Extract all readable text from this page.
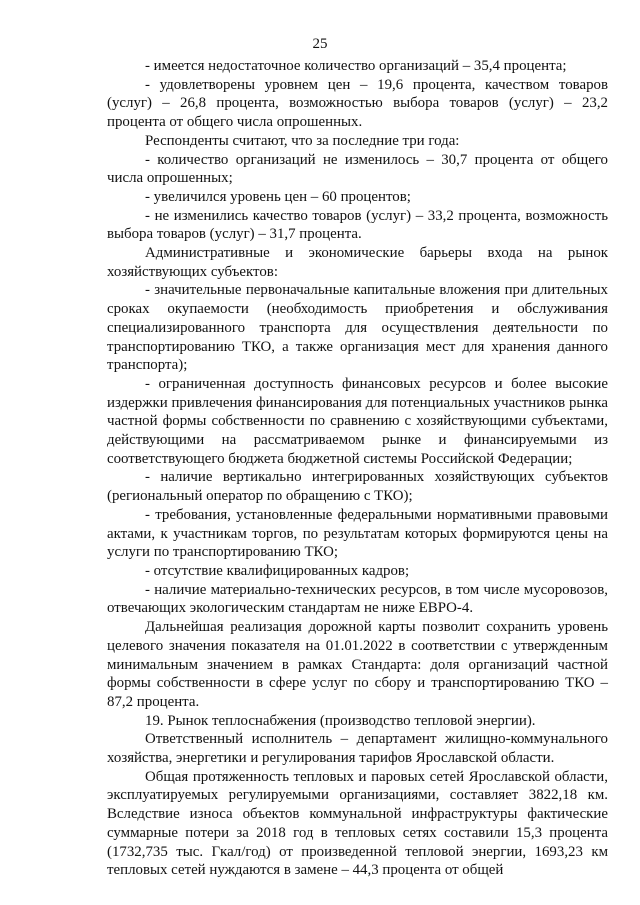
25

- имеется недостаточное количество организаций – 35,4 процента;

- удовлетворены уровнем цен – 19,6 процента, качеством товаров (услуг) – 26,8 процента, возможностью выбора товаров (услуг) – 23,2 процента от общего числа опрошенных.

Респонденты считают, что за последние три года:

- количество организаций не изменилось – 30,7 процента от общего числа опрошенных;

- увеличился уровень цен – 60 процентов;

- не изменились качество товаров (услуг) – 33,2 процента, возможность выбора товаров (услуг) – 31,7 процента.

Административные и экономические барьеры входа на рынок хозяйствующих субъектов:

- значительные первоначальные капитальные вложения при длительных сроках окупаемости (необходимость приобретения и обслуживания специализированного транспорта для осуществления деятельности по транспортированию ТКО, а также организация мест для хранения данного транспорта);

- ограниченная доступность финансовых ресурсов и более высокие издержки привлечения финансирования для потенциальных участников рынка частной формы собственности по сравнению с хозяйствующими субъектами, действующими на рассматриваемом рынке и финансируемыми из соответствующего бюджета бюджетной системы Российской Федерации;

- наличие вертикально интегрированных хозяйствующих субъектов (региональный оператор по обращению с ТКО);

- требования, установленные федеральными нормативными правовыми актами, к участникам торгов, по результатам которых формируются цены на услуги по транспортированию ТКО;

- отсутствие квалифицированных кадров;

- наличие материально-технических ресурсов, в том числе мусоровозов, отвечающих экологическим стандартам не ниже ЕВРО-4.

Дальнейшая реализация дорожной карты позволит сохранить уровень целевого значения показателя на 01.01.2022 в соответствии с утвержденным минимальным значением в рамках Стандарта: доля организаций частной формы собственности в сфере услуг по сбору и транспортированию ТКО – 87,2 процента.

19. Рынок теплоснабжения (производство тепловой энергии).

Ответственный исполнитель – департамент жилищно-коммунального хозяйства, энергетики и регулирования тарифов Ярославской области.

Общая протяженность тепловых и паровых сетей Ярославской области, эксплуатируемых регулируемыми организациями, составляет 3822,18 км. Вследствие износа объектов коммунальной инфраструктуры фактические суммарные потери за 2018 год в тепловых сетях составили 15,3 процента (1732,735 тыс. Гкал/год) от произведенной тепловой энергии, 1693,23 км тепловых сетей нуждаются в замене – 44,3 процента от общей
